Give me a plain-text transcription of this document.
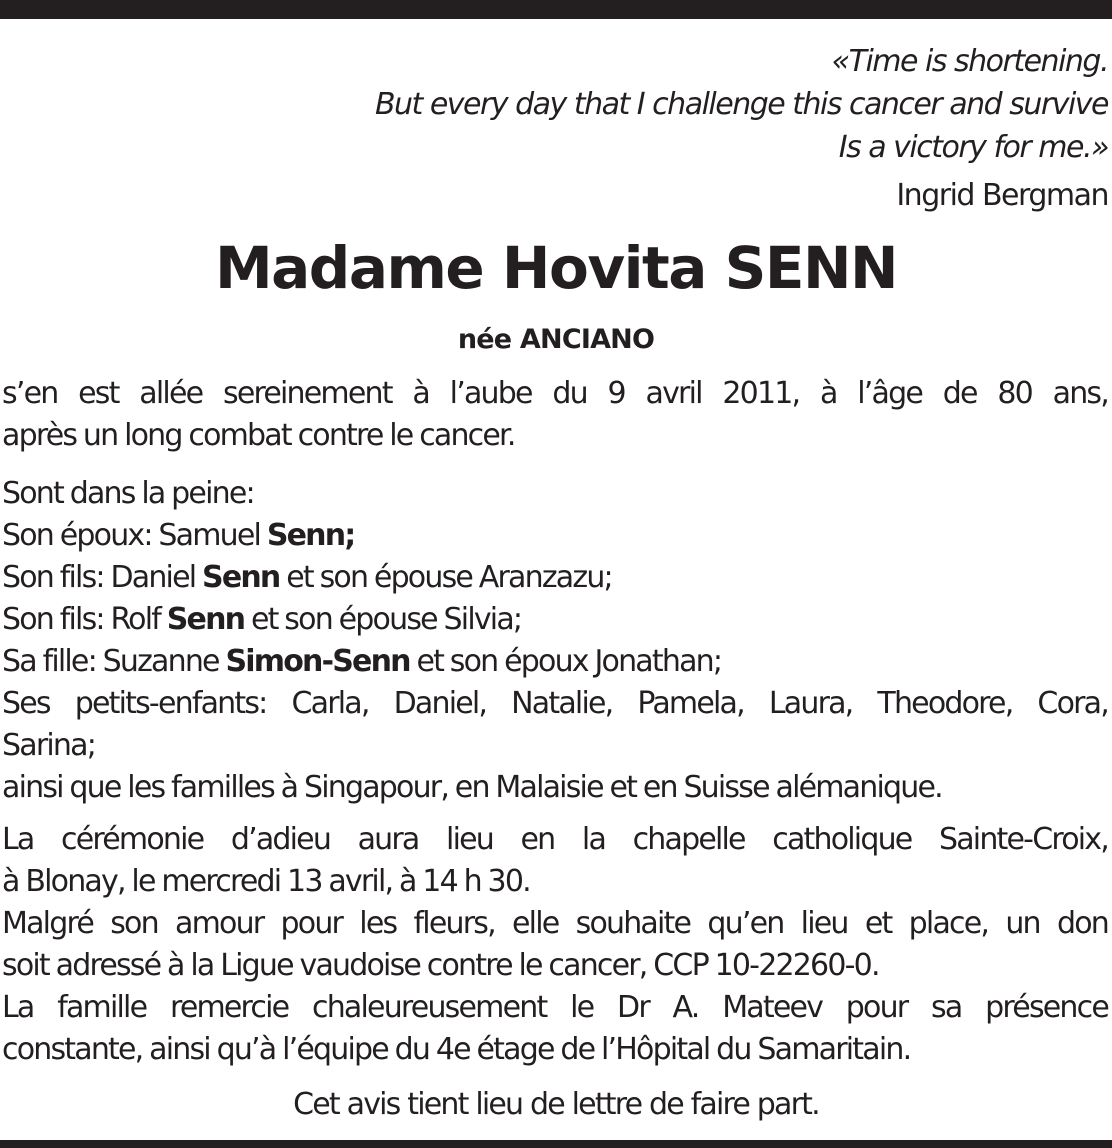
«Time is shortening.
But every day that I challenge this cancer and survive
Is a victory for me.»
Ingrid Bergman
Madame Hovita SENN
née ANCIANO
s’en est allée sereinement à l’aube du 9 avril 2011, à l’âge de 80 ans,
après un long combat contre le cancer.
Sont dans la peine:
Son époux: Samuel Senn;
Son fils: Daniel Senn et son épouse Aranzazu;
Son fils: Rolf Senn et son épouse Silvia;
Sa fille: Suzanne Simon-Senn et son époux Jonathan;
Ses petits-enfants: Carla, Daniel, Natalie, Pamela, Laura, Theodore, Cora,
Sarina;
ainsi que les familles à Singapour, en Malaisie et en Suisse alémanique.
La cérémonie d’adieu aura lieu en la chapelle catholique Sainte-Croix,
à Blonay, le mercredi 13 avril, à 14 h 30.
Malgré son amour pour les fleurs, elle souhaite qu’en lieu et place, un don
soit adressé à la Ligue vaudoise contre le cancer, CCP 10-22260-0.
La famille remercie chaleureusement le Dr A. Mateev pour sa présence
constante, ainsi qu’à l’équipe du 4e étage de l’Hôpital du Samaritain.
Cet avis tient lieu de lettre de faire part.
